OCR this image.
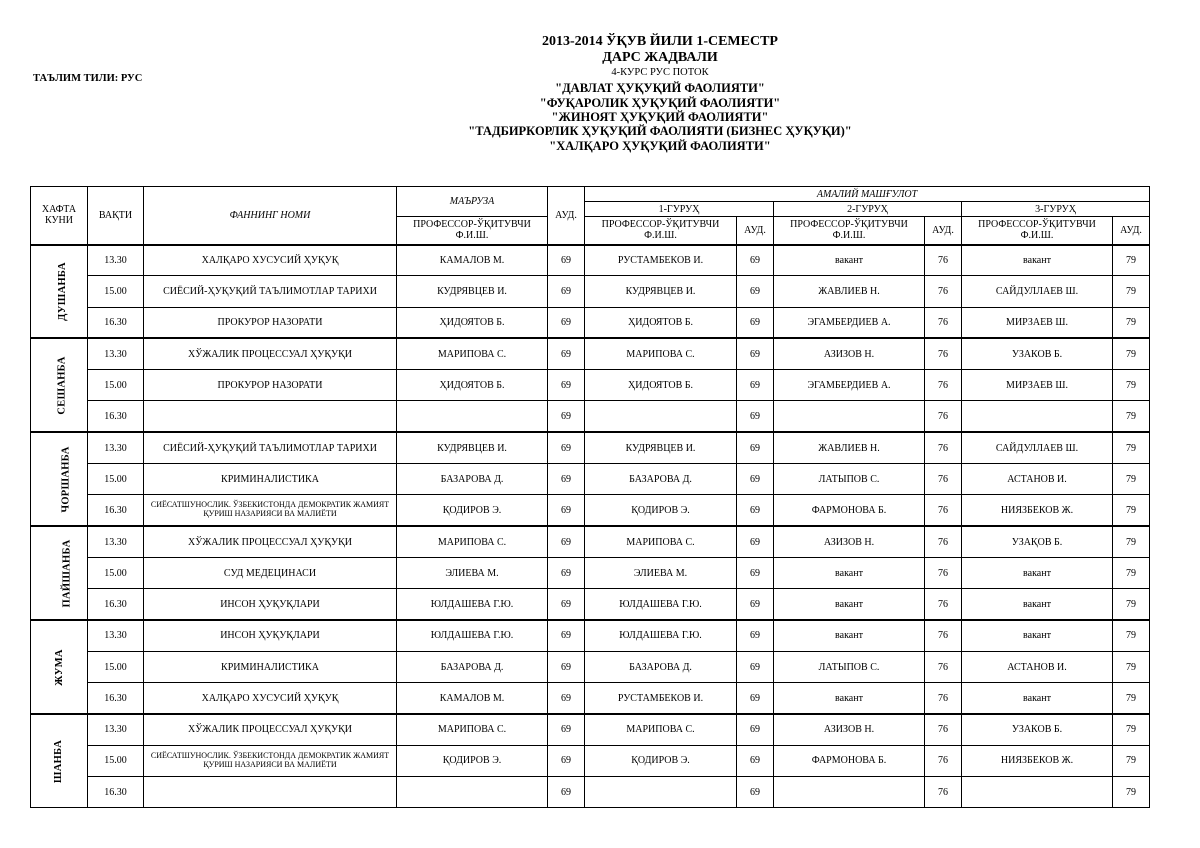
ТАЪЛИМ ТИЛИ: РУС
2013-2014 ЎҚУВ ЙИЛИ 1-СЕМЕСТР
ДАРС ЖАДВАЛИ
4-КУРС РУС ПОТОК
"ДАВЛАТ ҲУҚУҚИЙ ФАОЛИЯТИ"
"ФУҚАРОЛИК ҲУҚУҚИЙ ФАОЛИЯТИ"
"ЖИНОЯТ ҲУҚУҚИЙ ФАОЛИЯТИ"
"ТАДБИРКОРЛИК ҲУҚУҚИЙ ФАОЛИЯТИ (БИЗНЕС ҲУҚУҚИ)"
"ХАЛҚАРО ҲУҚУҚИЙ ФАОЛИЯТИ"
ХАФТА КУНИ	ВАҚТИ	ФАННИНГ НОМИ	МАЪРУЗА	АУД.	АМАЛИЙ МАШҒУЛОТ					
					1-ГУРУҲ		2-ГУРУҲ		3-ГУРУҲ	
			ПРОФЕССОР-ЎҚИТУВЧИ Ф.И.Ш.		ПРОФЕССОР-ЎҚИТУВЧИ Ф.И.Ш.	АУД.	ПРОФЕССОР-ЎҚИТУВЧИ Ф.И.Ш.	АУД.	ПРОФЕССОР-ЎҚИТУВЧИ Ф.И.Ш.	АУД.
ДУШАНБА	13.30	ХАЛҚАРО ХУСУСИЙ ҲУҚУҚ	КАМАЛОВ М.	69	РУСТАМБЕКОВ И.	69	вакант	76	вакант	79
	15.00	СИЁСИЙ-ҲУҚУҚИЙ ТАЪЛИМОТЛАР ТАРИХИ	КУДРЯВЦЕВ И.	69	КУДРЯВЦЕВ И.	69	ЖАВЛИЕВ Н.	76	САЙДУЛЛАЕВ Ш.	79
	16.30	ПРОКУРОР НАЗОРАТИ	ҲИДОЯТОВ Б.	69	ҲИДОЯТОВ Б.	69	ЭГАМБЕРДИЕВ А.	76	МИРЗАЕВ Ш.	79
СЕШАНБА	13.30	ХЎЖАЛИК ПРОЦЕССУАЛ ҲУҚУҚИ	МАРИПОВА С.	69	МАРИПОВА С.	69	АЗИЗОВ Н.	76	УЗАКОВ Б.	79
	15.00	ПРОКУРОР НАЗОРАТИ	ҲИДОЯТОВ Б.	69	ҲИДОЯТОВ Б.	69	ЭГАМБЕРДИЕВ А.	76	МИРЗАЕВ Ш.	79
	16.30			69		69		76		79
ЧОРШАНБА	13.30	СИЁСИЙ-ҲУҚУҚИЙ ТАЪЛИМОТЛАР ТАРИХИ	КУДРЯВЦЕВ И.	69	КУДРЯВЦЕВ И.	69	ЖАВЛИЕВ Н.	76	САЙДУЛЛАЕВ Ш.	79
	15.00	КРИМИНАЛИСТИКА	БАЗАРОВА Д.	69	БАЗАРОВА Д.	69	ЛАТЫПОВ С.	76	АСТАНОВ И.	79
	16.30	СИЁСАТШУНОСЛИК. ЎЗБЕКИСТОНДА ДЕМОКРАТИК ЖАМИЯТ ҚУРИШ НАЗАРИЯСИ ВА МАЛИЁТИ	ҚОДИРОВ Э.	69	ҚОДИРОВ Э.	69	ФАРМОНОВА Б.	76	НИЯЗБЕКОВ Ж.	79
ПАЙШАНБА	13.30	ХЎЖАЛИК ПРОЦЕССУАЛ ҲУҚУҚИ	МАРИПОВА С.	69	МАРИПОВА С.	69	АЗИЗОВ Н.	76	УЗАҚОВ Б.	79
	15.00	СУД МЕДЕЦИНАСИ	ЭЛИЕВА М.	69	ЭЛИЕВА М.	69	вакант	76	вакант	79
	16.30	ИНСОН ҲУҚУҚЛАРИ	ЮЛДАШЕВА Г.Ю.	69	ЮЛДАШЕВА Г.Ю.	69	вакант	76	вакант	79
ЖУМА	13.30	ИНСОН ҲУҚУҚЛАРИ	ЮЛДАШЕВА Г.Ю.	69	ЮЛДАШЕВА Г.Ю.	69	вакант	76	вакант	79
	15.00	КРИМИНАЛИСТИКА	БАЗАРОВА Д.	69	БАЗАРОВА Д.	69	ЛАТЫПОВ С.	76	АСТАНОВ И.	79
	16.30	ХАЛҚАРО ХУСУСИЙ ҲУҚУҚ	КАМАЛОВ М.	69	РУСТАМБЕКОВ И.	69	вакант	76	вакант	79
ШАНБА	13.30	ХЎЖАЛИК ПРОЦЕССУАЛ ҲУҚУҚИ	МАРИПОВА С.	69	МАРИПОВА С.	69	АЗИЗОВ Н.	76	УЗАКОВ Б.	79
	15.00	СИЁСАТШУНОСЛИК. ЎЗБЕКИСТОНДА ДЕМОКРАТИК ЖАМИЯТ ҚУРИШ НАЗАРИЯСИ ВА МАЛИЁТИ	ҚОДИРОВ Э.	69	ҚОДИРОВ Э.	69	ФАРМОНОВА Б.	76	НИЯЗБЕКОВ Ж.	79
	16.30			69		69		76		79
